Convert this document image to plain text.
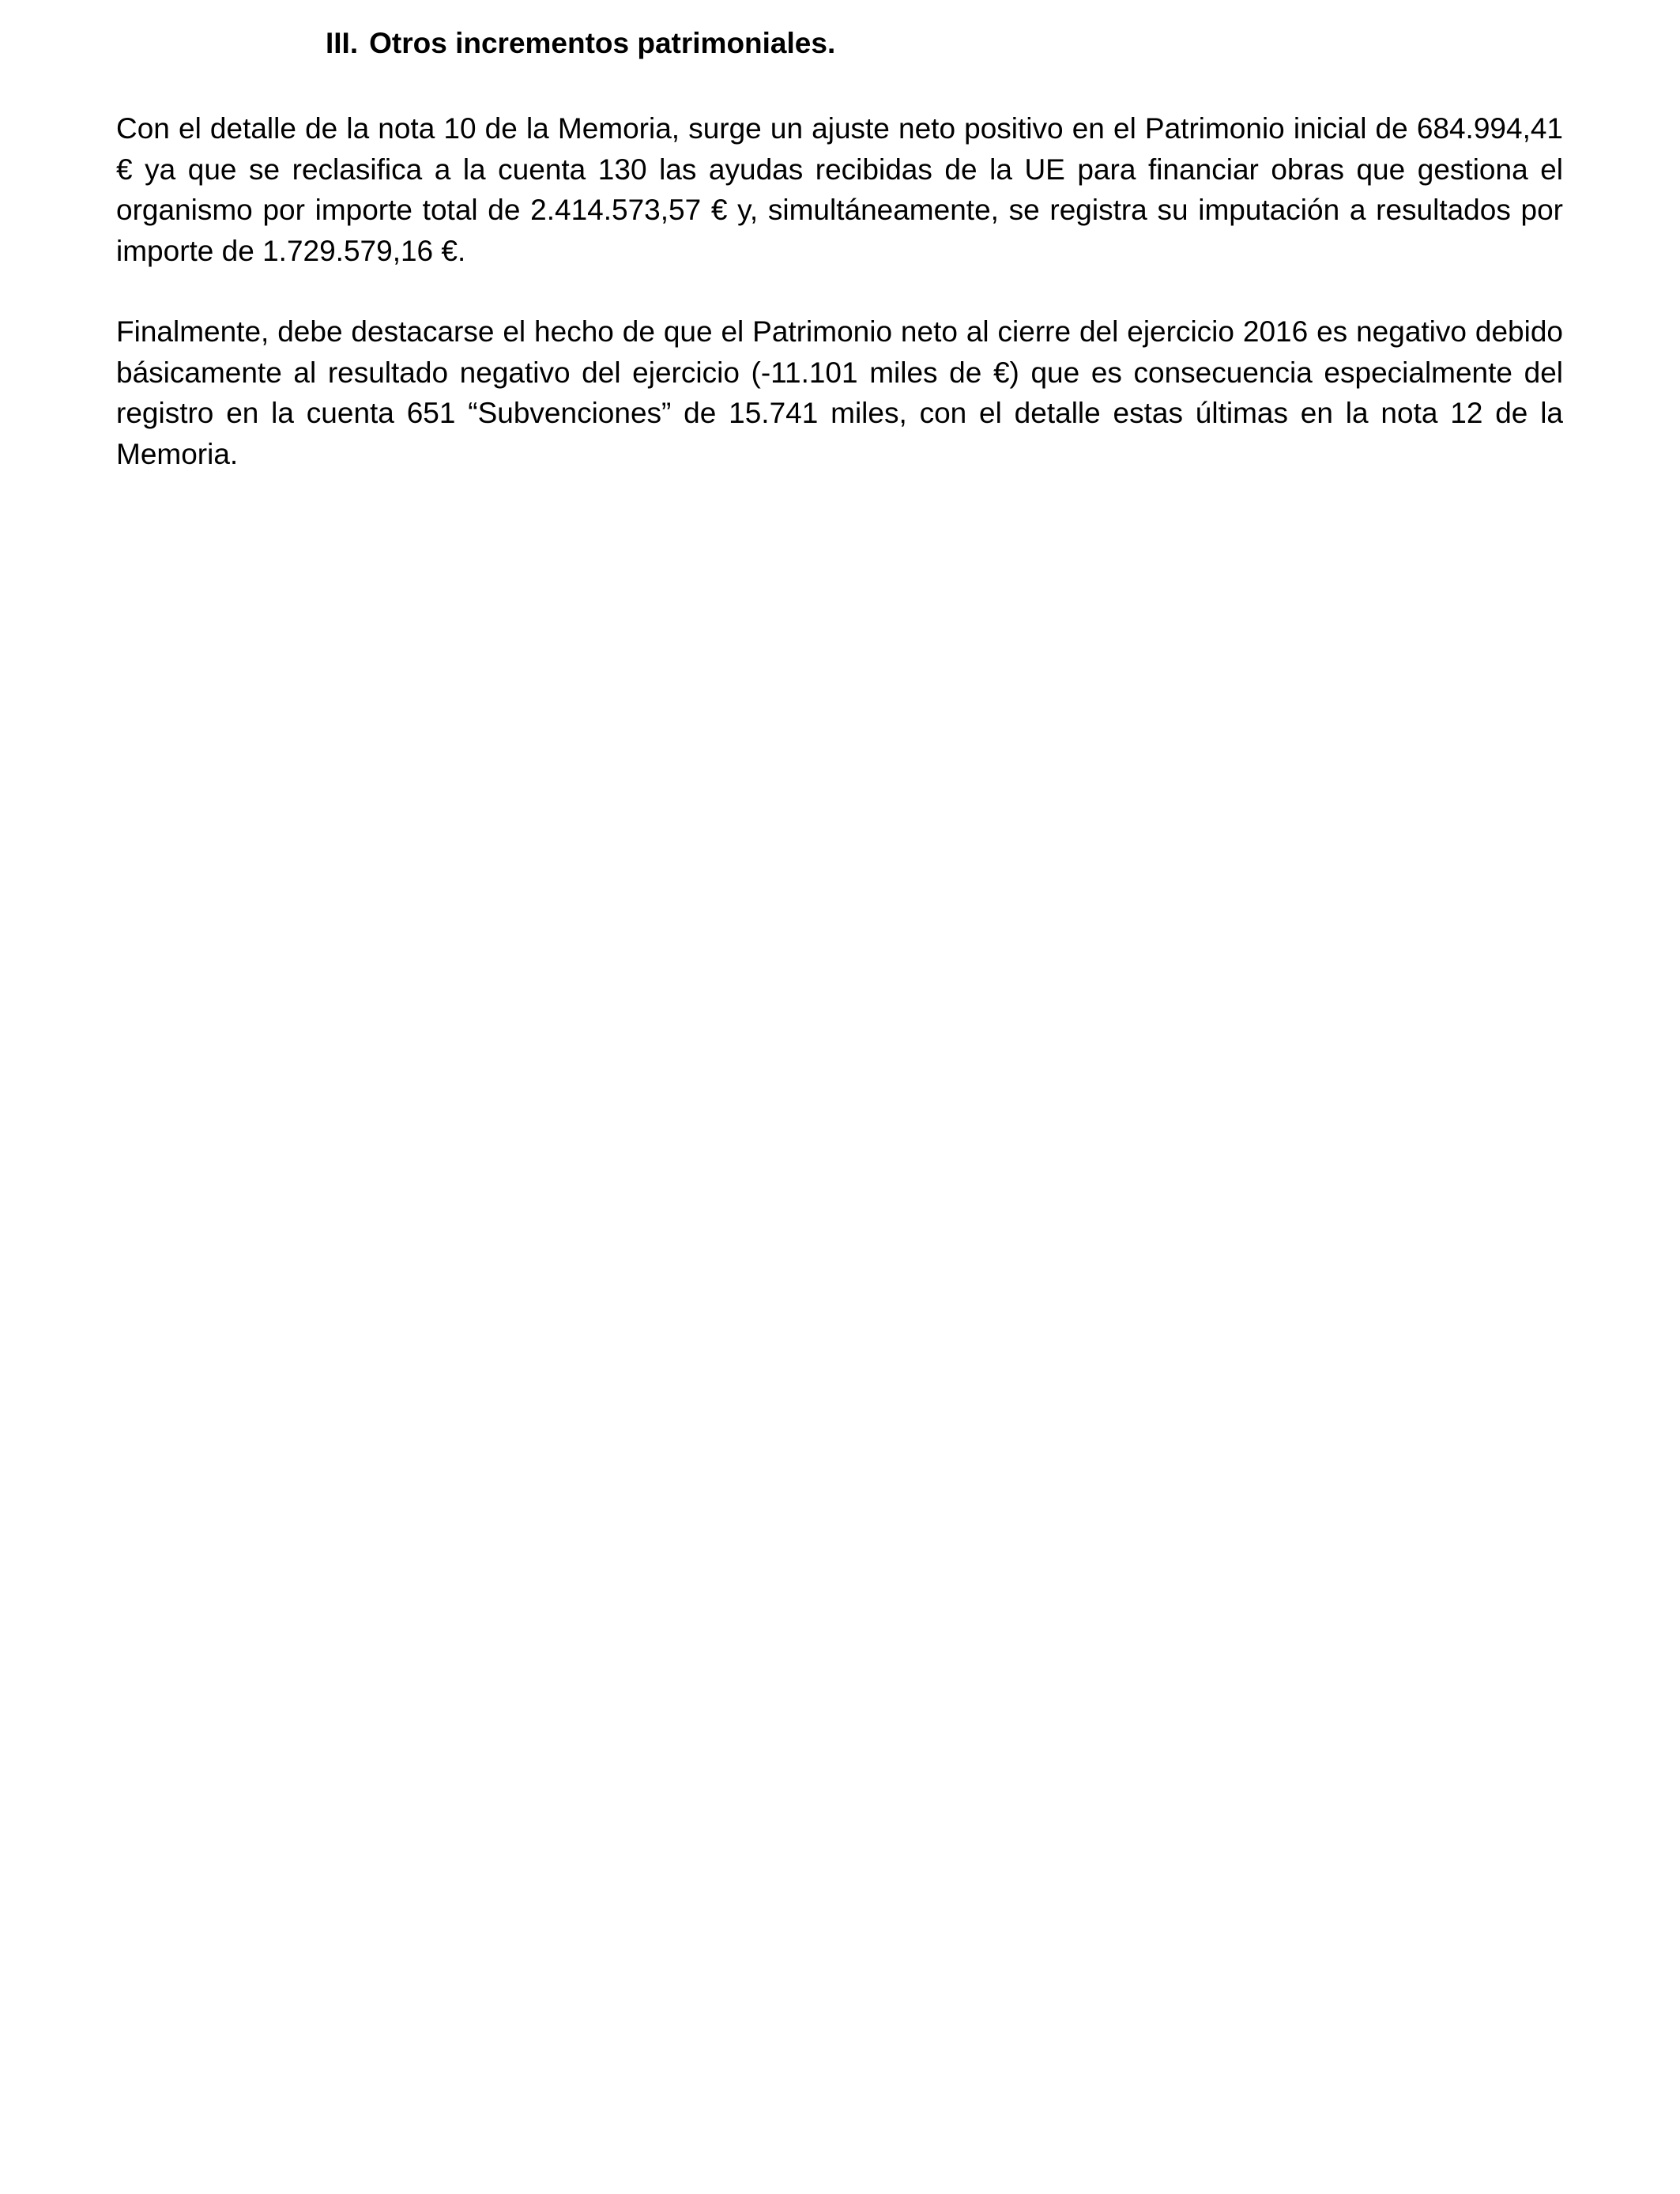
III. Otros incrementos patrimoniales.

Con el detalle de la nota 10 de la Memoria, surge un ajuste neto positivo en el Patrimonio inicial de 684.994,41 € ya que se reclasifica a la cuenta 130 las ayudas recibidas de la UE para financiar obras que gestiona el organismo por importe total de 2.414.573,57 € y, simultáneamente, se registra su imputación a resultados por importe de 1.729.579,16 €.

Finalmente, debe destacarse el hecho de que el Patrimonio neto al cierre del ejercicio 2016 es negativo debido básicamente al resultado negativo del ejercicio (-11.101 miles de €) que es consecuencia especialmente del registro en la cuenta 651 “Subvenciones” de 15.741 miles, con el detalle estas últimas en la nota 12 de la Memoria.
